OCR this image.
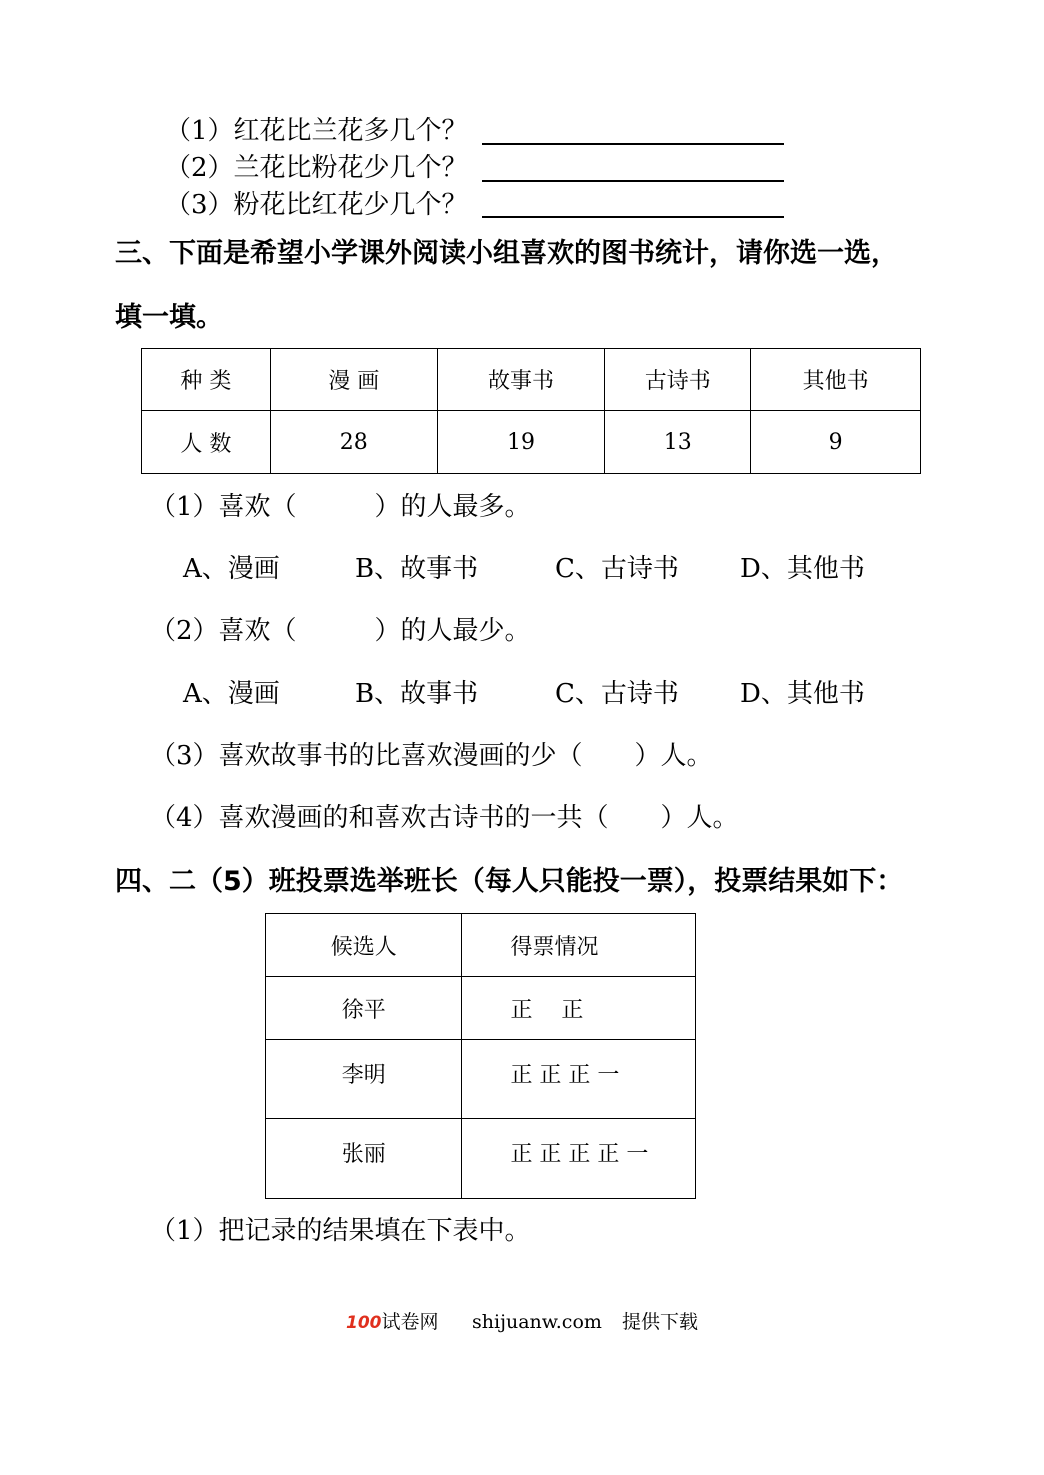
（1）红花比兰花多几个？
（2）兰花比粉花少几个？
（3）粉花比红花少几个？
三、下面是希望小学课外阅读小组喜欢的图书统计，请你选一选，
填一填。
种 类	漫 画	故事书	古诗书	其他书
人 数	28	19	13	9
（1）喜欢（　　　）的人最多。
A、漫画	B、故事书	C、古诗书 D、其他书
（2）喜欢（　　　）的人最少。
A、漫画	B、故事书	C、古诗书 D、其他书
（3）喜欢故事书的比喜欢漫画的少（　　）人。
（4）喜欢漫画的和喜欢古诗书的一共（　　）人。
四、二（5）班投票选举班长（每人只能投一票），投票结果如下：
候选人	得票情况
徐平	正　 正
李明	正 正 正 一
张丽	正 正 正 正 一
（1）把记录的结果填在下表中。
100试卷网 shijuanw.com 提供下载
